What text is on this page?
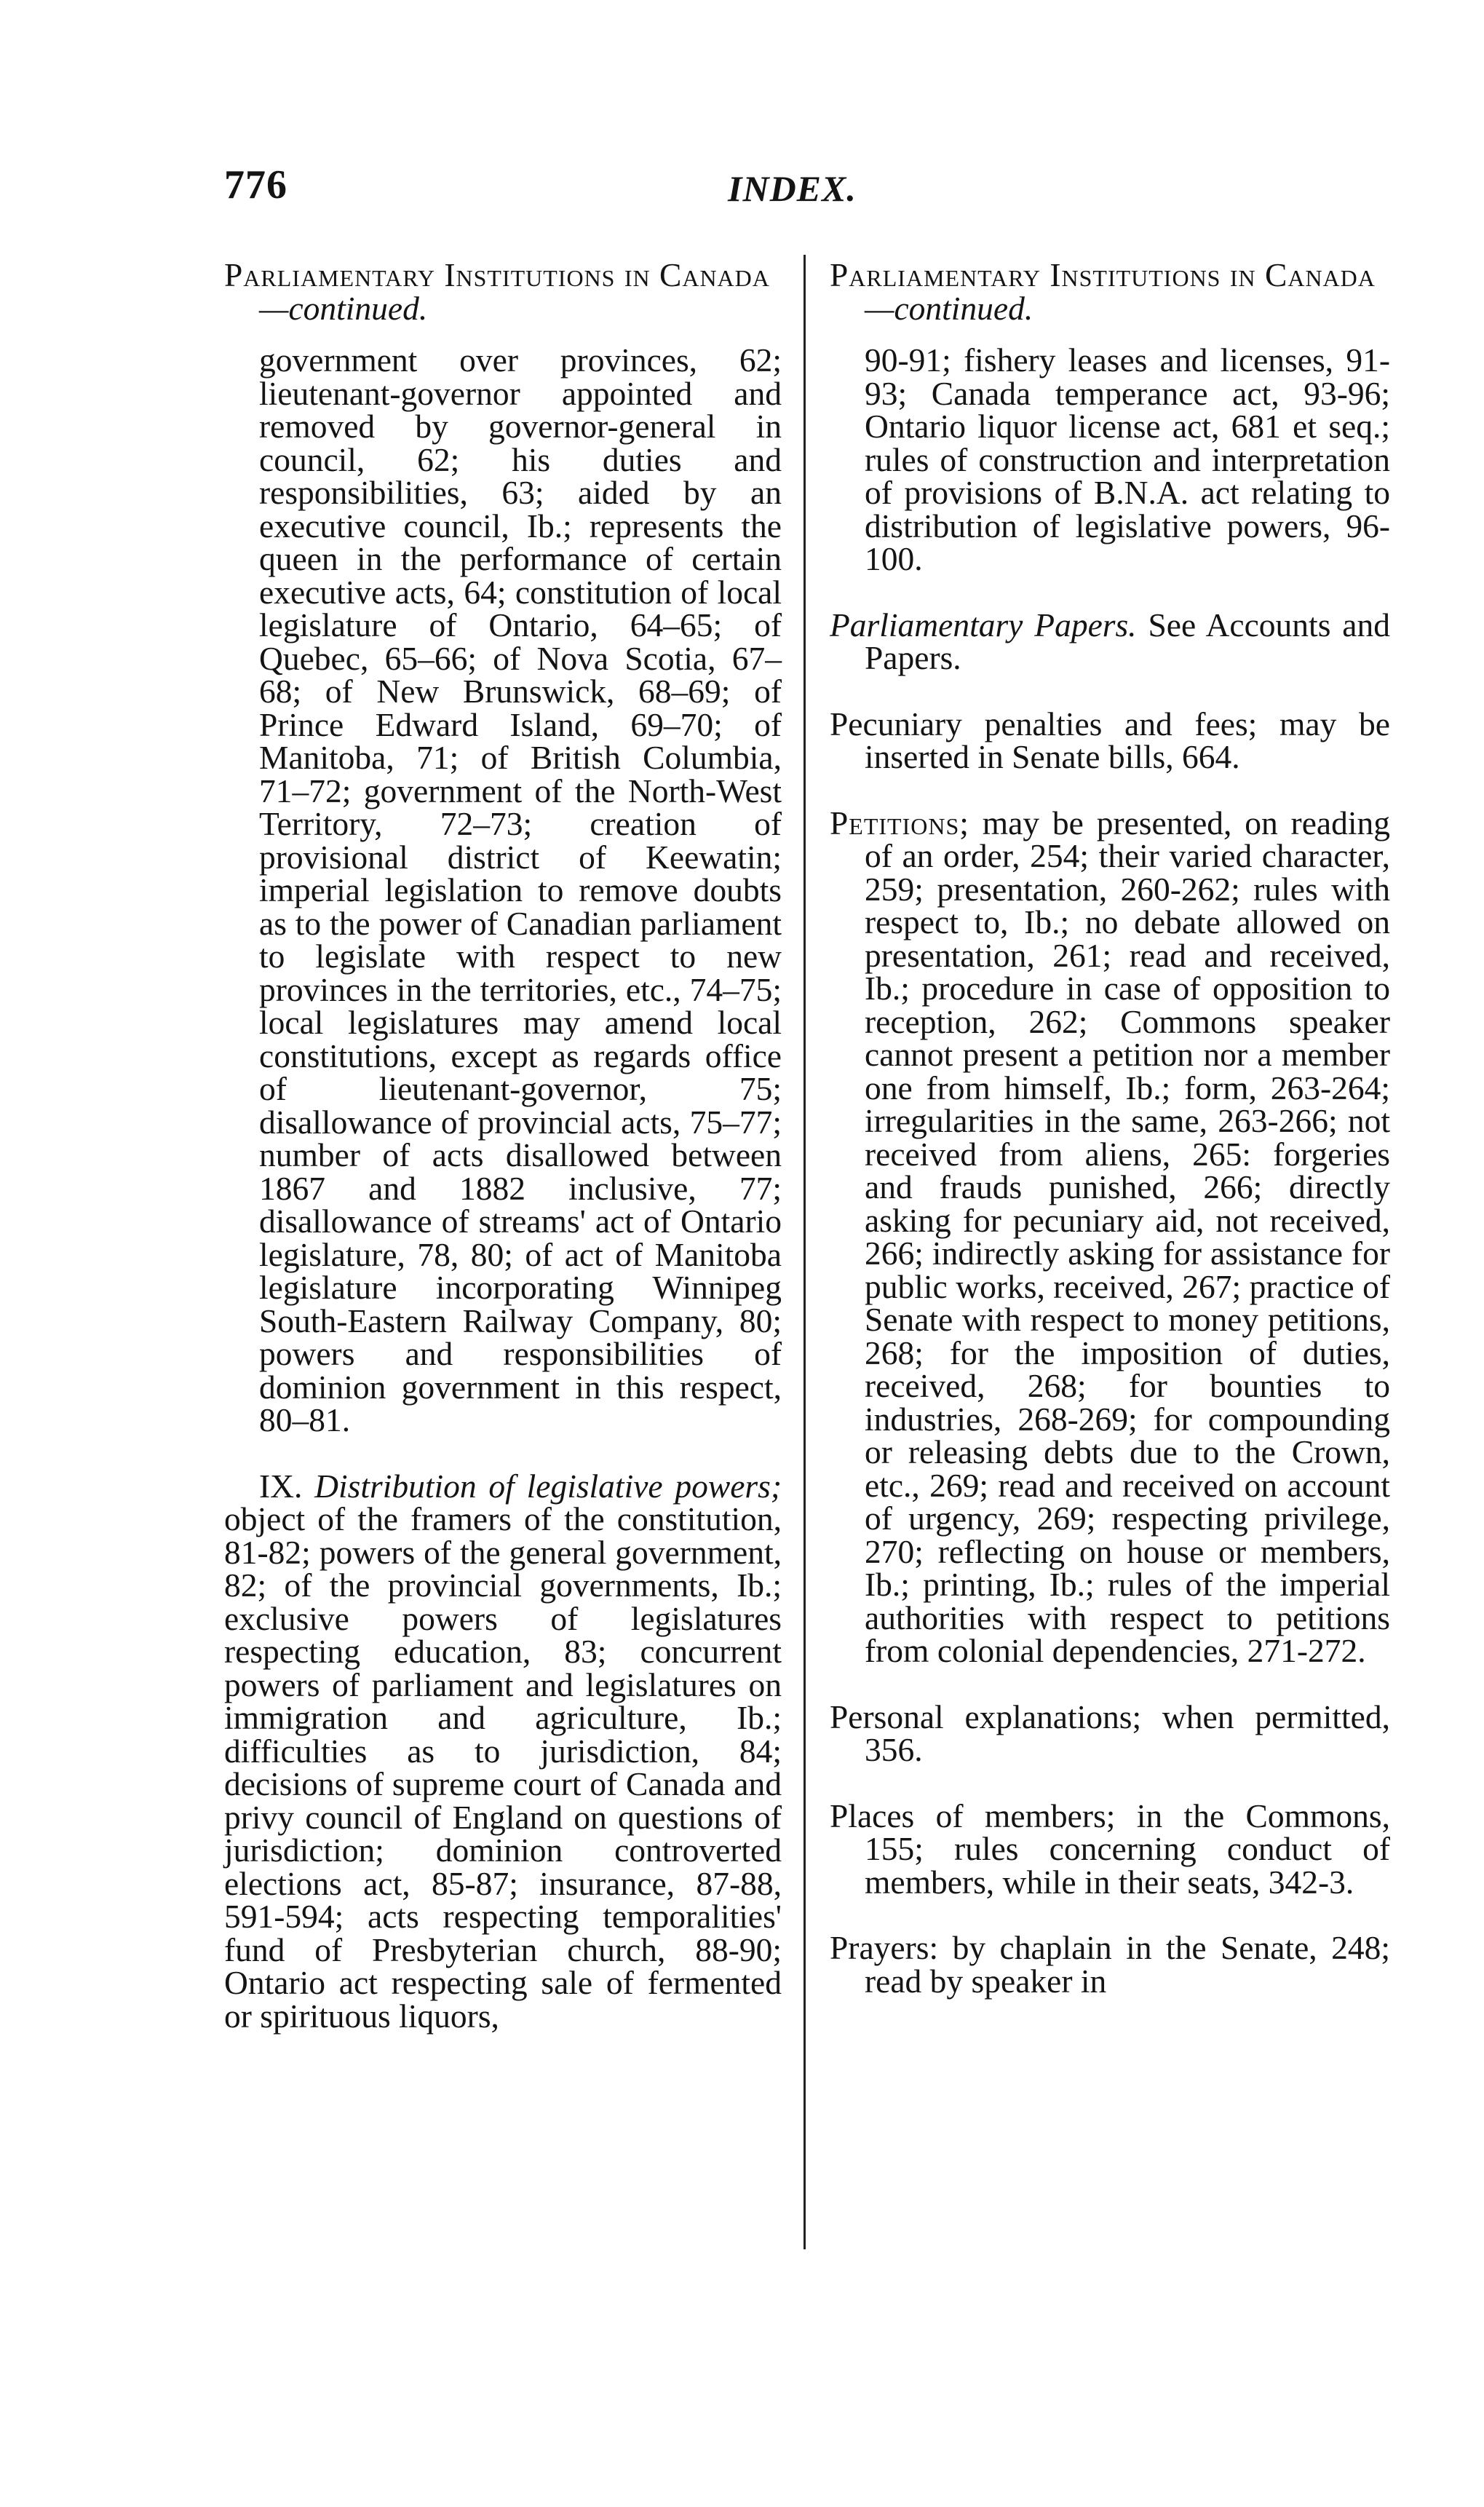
776	INDEX.

Parliamentary Institutions in Canada—continued.

government over provinces, 62; lieutenant-governor appointed and removed by governor-general in council, 62; his duties and responsibilities, 63; aided by an executive council, Ib.; represents the queen in the performance of certain executive acts, 64; constitution of local legislature of Ontario, 64–65; of Quebec, 65–66; of Nova Scotia, 67–68; of New Brunswick, 68–69; of Prince Edward Island, 69–70; of Manitoba, 71; of British Columbia, 71–72; government of the North-West Territory, 72–73; creation of provisional district of Keewatin; imperial legislation to remove doubts as to the power of Canadian parliament to legislate with respect to new provinces in the territories, etc., 74–75; local legislatures may amend local constitutions, except as regards office of lieutenant-governor, 75; disallowance of provincial acts, 75–77; number of acts disallowed between 1867 and 1882 inclusive, 77; disallowance of streams' act of Ontario legislature, 78, 80; of act of Manitoba legislature incorporating Winnipeg South-Eastern Railway Company, 80; powers and responsibilities of dominion government in this respect, 80–81.

IX. Distribution of legislative powers; object of the framers of the constitution, 81-82; powers of the general government, 82; of the provincial governments, Ib.; exclusive powers of legislatures respecting education, 83; concurrent powers of parliament and legislatures on immigration and agriculture, Ib.; difficulties as to jurisdiction, 84; decisions of supreme court of Canada and privy council of England on questions of jurisdiction; dominion controverted elections act, 85-87; insurance, 87-88, 591-594; acts respecting temporalities' fund of Presbyterian church, 88-90; Ontario act respecting sale of fermented or spirituous liquors,

Parliamentary Institutions in Canada—continued.

90-91; fishery leases and licenses, 91-93; Canada temperance act, 93-96; Ontario liquor license act, 681 et seq.; rules of construction and interpretation of provisions of B.N.A. act relating to distribution of legislative powers, 96-100.

Parliamentary Papers. See Accounts and Papers.

Pecuniary penalties and fees; may be inserted in Senate bills, 664.

Petitions; may be presented, on reading of an order, 254; their varied character, 259; presentation, 260-262; rules with respect to, Ib.; no debate allowed on presentation, 261; read and received, Ib.; procedure in case of opposition to reception, 262; Commons speaker cannot present a petition nor a member one from himself, Ib.; form, 263-264; irregularities in the same, 263-266; not received from aliens, 265: forgeries and frauds punished, 266; directly asking for pecuniary aid, not received, 266; indirectly asking for assistance for public works, received, 267; practice of Senate with respect to money petitions, 268; for the imposition of duties, received, 268; for bounties to industries, 268-269; for compounding or releasing debts due to the Crown, etc., 269; read and received on account of urgency, 269; respecting privilege, 270; reflecting on house or members, Ib.; printing, Ib.; rules of the imperial authorities with respect to petitions from colonial dependencies, 271-272.

Personal explanations; when permitted, 356.

Places of members; in the Commons, 155; rules concerning conduct of members, while in their seats, 342-3.

Prayers: by chaplain in the Senate, 248; read by speaker in
